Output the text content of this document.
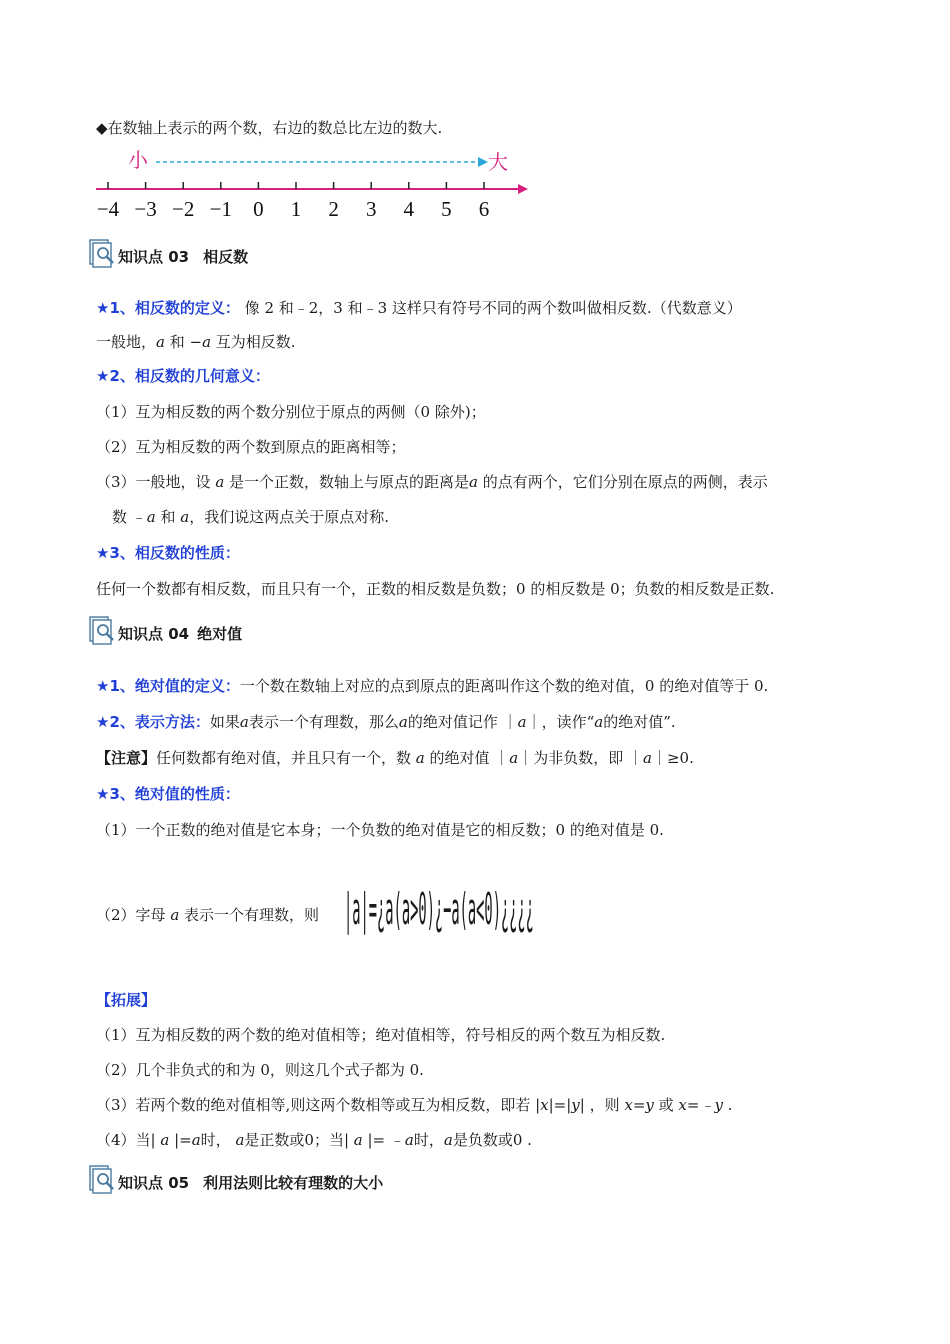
◆在数轴上表示的两个数，右边的数总比左边的数大.
小	大
−4 −3 −2 −1 0 1 2 3 4 5 6
知识点 03 相反数
★1、相反数的定义： 像 2 和﹣2，3 和﹣3 这样只有符号不同的两个数叫做相反数.（代数意义）
一般地，a 和 −a 互为相反数.
★2、相反数的几何意义：
（1）互为相反数的两个数分别位于原点的两侧（0 除外)；
（2）互为相反数的两个数到原点的距离相等；
（3）一般地，设 a 是一个正数，数轴上与原点的距离是a 的点有两个，它们分别在原点的两侧，表示
数 ﹣a 和 a，我们说这两点关于原点对称.
★3、相反数的性质：
任何一个数都有相反数，而且只有一个，正数的相反数是负数；0 的相反数是 0；负数的相反数是正数.
知识点 04 绝对值
★1、绝对值的定义：一个数在数轴上对应的点到原点的距离叫作这个数的绝对值，0 的绝对值等于 0.
★2、表示方法：如果a表示一个有理数，那么a的绝对值记作 ｜a｜，读作“a的绝对值”.
【注意】任何数都有绝对值，并且只有一个，数 a 的绝对值 ｜a｜为非负数，即 ｜a｜≥0.
★3、绝对值的性质：
（1）一个正数的绝对值是它本身；一个负数的绝对值是它的相反数；0 的绝对值是 0.
（2）字母 a 表示一个有理数，则 |a|=¿a(a>0)¿−a(a<0)¿¿¿¿
【拓展】
（1）互为相反数的两个数的绝对值相等；绝对值相等，符号相反的两个数互为相反数.
（2）几个非负式的和为 0，则这几个式子都为 0.
（3）若两个数的绝对值相等,则这两个数相等或互为相反数，即若 |x|=|y| ，则 x=y 或 x=﹣y .
（4）当| a |=a时， a是正数或0；当| a |= ﹣a时，a是负数或0 .
知识点 05 利用法则比较有理数的大小
